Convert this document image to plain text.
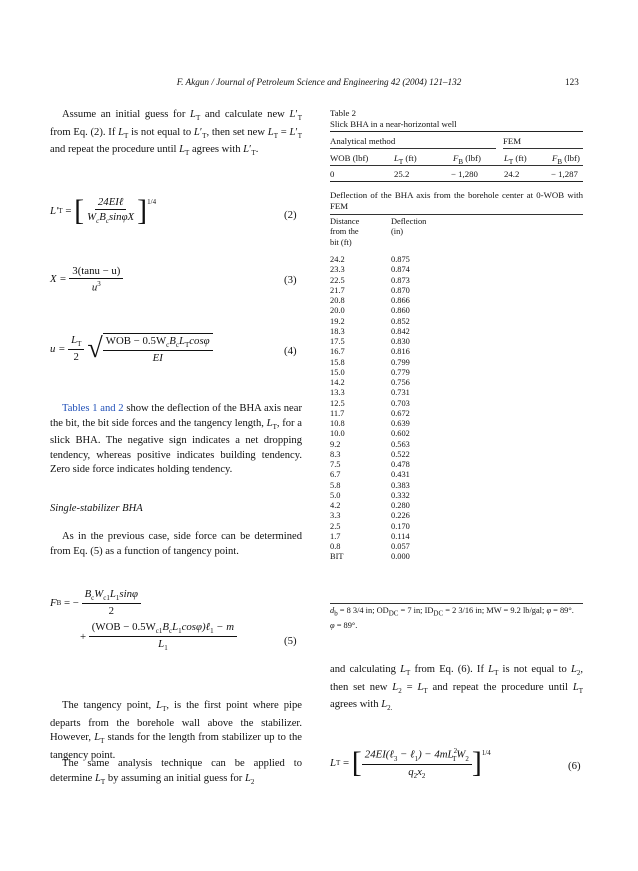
F. Akgun / Journal of Petroleum Science and Engineering 42 (2004) 121–132	123
Assume an initial guess for $L_T$ and calculate new $L'_T$ from Eq. (2). If $L_T$ is not equal to $L'_T$, then set new $L_T = L'_T$ and repeat the procedure until $L_T$ agrees with $L'_T$.
L′ T = [ $\frac{\text{24EIℓ}}{W_cB_c\sin\varphi X} ]^{1/4}$
(2)
X =
$\frac{3(\tan u - u)}{u^3}$	(3)
u =
$\frac{L_T}{2}$ √ $\frac{WOB - 0.5W_cB_cL_T\cos\varphi}{EI}$	(4)
Tables 1 and 2 show the deflection of the BHA axis near the bit, the bit side forces and the tangency length, $L_T$, for a slick BHA. The negative sign indicates a net dropping tendency, whereas positive indicates building tendency. Zero side force indicates holding tendency.
Single-stabilizer BHA
As in the previous case, side force can be determined from Eq. (5) as a function of tangency point.
F B = − $\frac{B_cW_{c1}L_1\sin\varphi}{2}$
+ $\frac{(WOB - 0.5W_{c1}B_cL_1\cos\varphi)\ell_1 - m}{L_1}$	(5)
The tangency point, $L_T$, is the first point where pipe departs from the borehole wall above the stabilizer. However, $L_T$ stands for the length from stabilizer up to the tangency point.
The same analysis technique can be applied to determine $L_T$ by assuming an initial guess for $L_2$
Table 2
Slick BHA in a near-horizontal well
Analytical method	FEM
WOB (lbf)	$L_T$ (ft)	$F_B$ (lbf)	$L_T$ (ft)	$F_B$ (lbf)
0	25.2	− 1,280	24.2	− 1,287
Deflection of the BHA axis from the borehole center at 0-WOB with FEM
Distance	Deflection
from the	(in)
bit (ft)
24.2	0.875
23.3	0.874
22.5	0.873
21.7	0.870
20.8	0.866
20.0	0.860
19.2	0.852
18.3	0.842
17.5	0.830
16.7	0.816
15.8	0.799
15.0	0.779
14.2	0.756
13.3	0.731
12.5	0.703
11.7	0.672
10.8	0.639
10.0	0.602
9.2	0.563
8.3	0.522
7.5	0.478
6.7	0.431
5.8	0.383
5.0	0.332
4.2	0.280
3.3	0.226
2.5	0.170
1.7	0.114
0.8	0.057
BIT	0.000
$d_b = 8$ 3/4 in; $OD_{DC} = 7$ in; $ID_{DC} = 2$ 3/16 in; MW = 9.2 lb/gal; φ = 89°.
φ = 89°.
and calculating $L_T$ from Eq. (6). If $L_T$ is not equal to $L_2$, then set new $L_2 = L_T$ and repeat the procedure until $L_T$ agrees with $L_{2.}$
L T = [ $\frac{24EI(\ell_3 - \ell_1) - 4mL^2_TW_2}{q_2x_2} ]^{1/4}$
(6)
